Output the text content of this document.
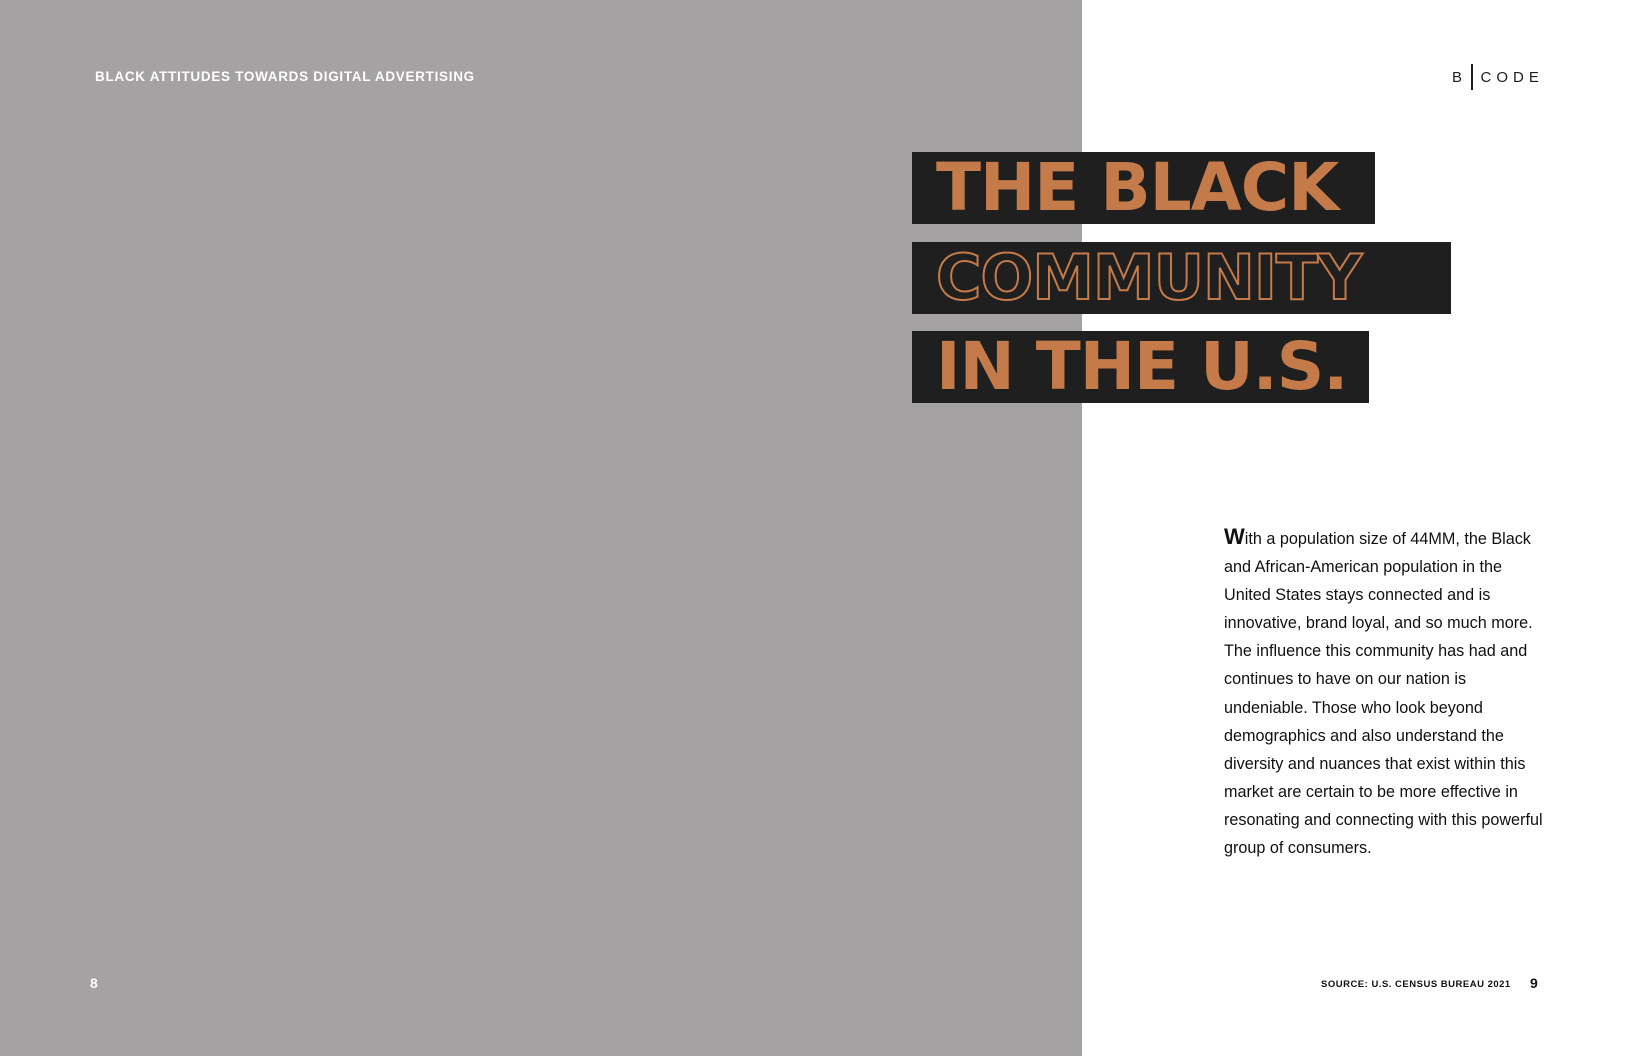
BLACK ATTITUDES TOWARDS DIGITAL ADVERTISING
8
B CODE
THE BLACK
COMMUNITY
IN THE U.S.
With a population size of 44MM, the Black and African-American population in the United States stays connected and is innovative, brand loyal, and so much more. The influence this community has had and continues to have on our nation is undeniable. Those who look beyond demographics and also understand the diversity and nuances that exist within this market are certain to be more effective in resonating and connecting with this powerful group of consumers.
SOURCE: U.S. CENSUS BUREAU 2021 9
